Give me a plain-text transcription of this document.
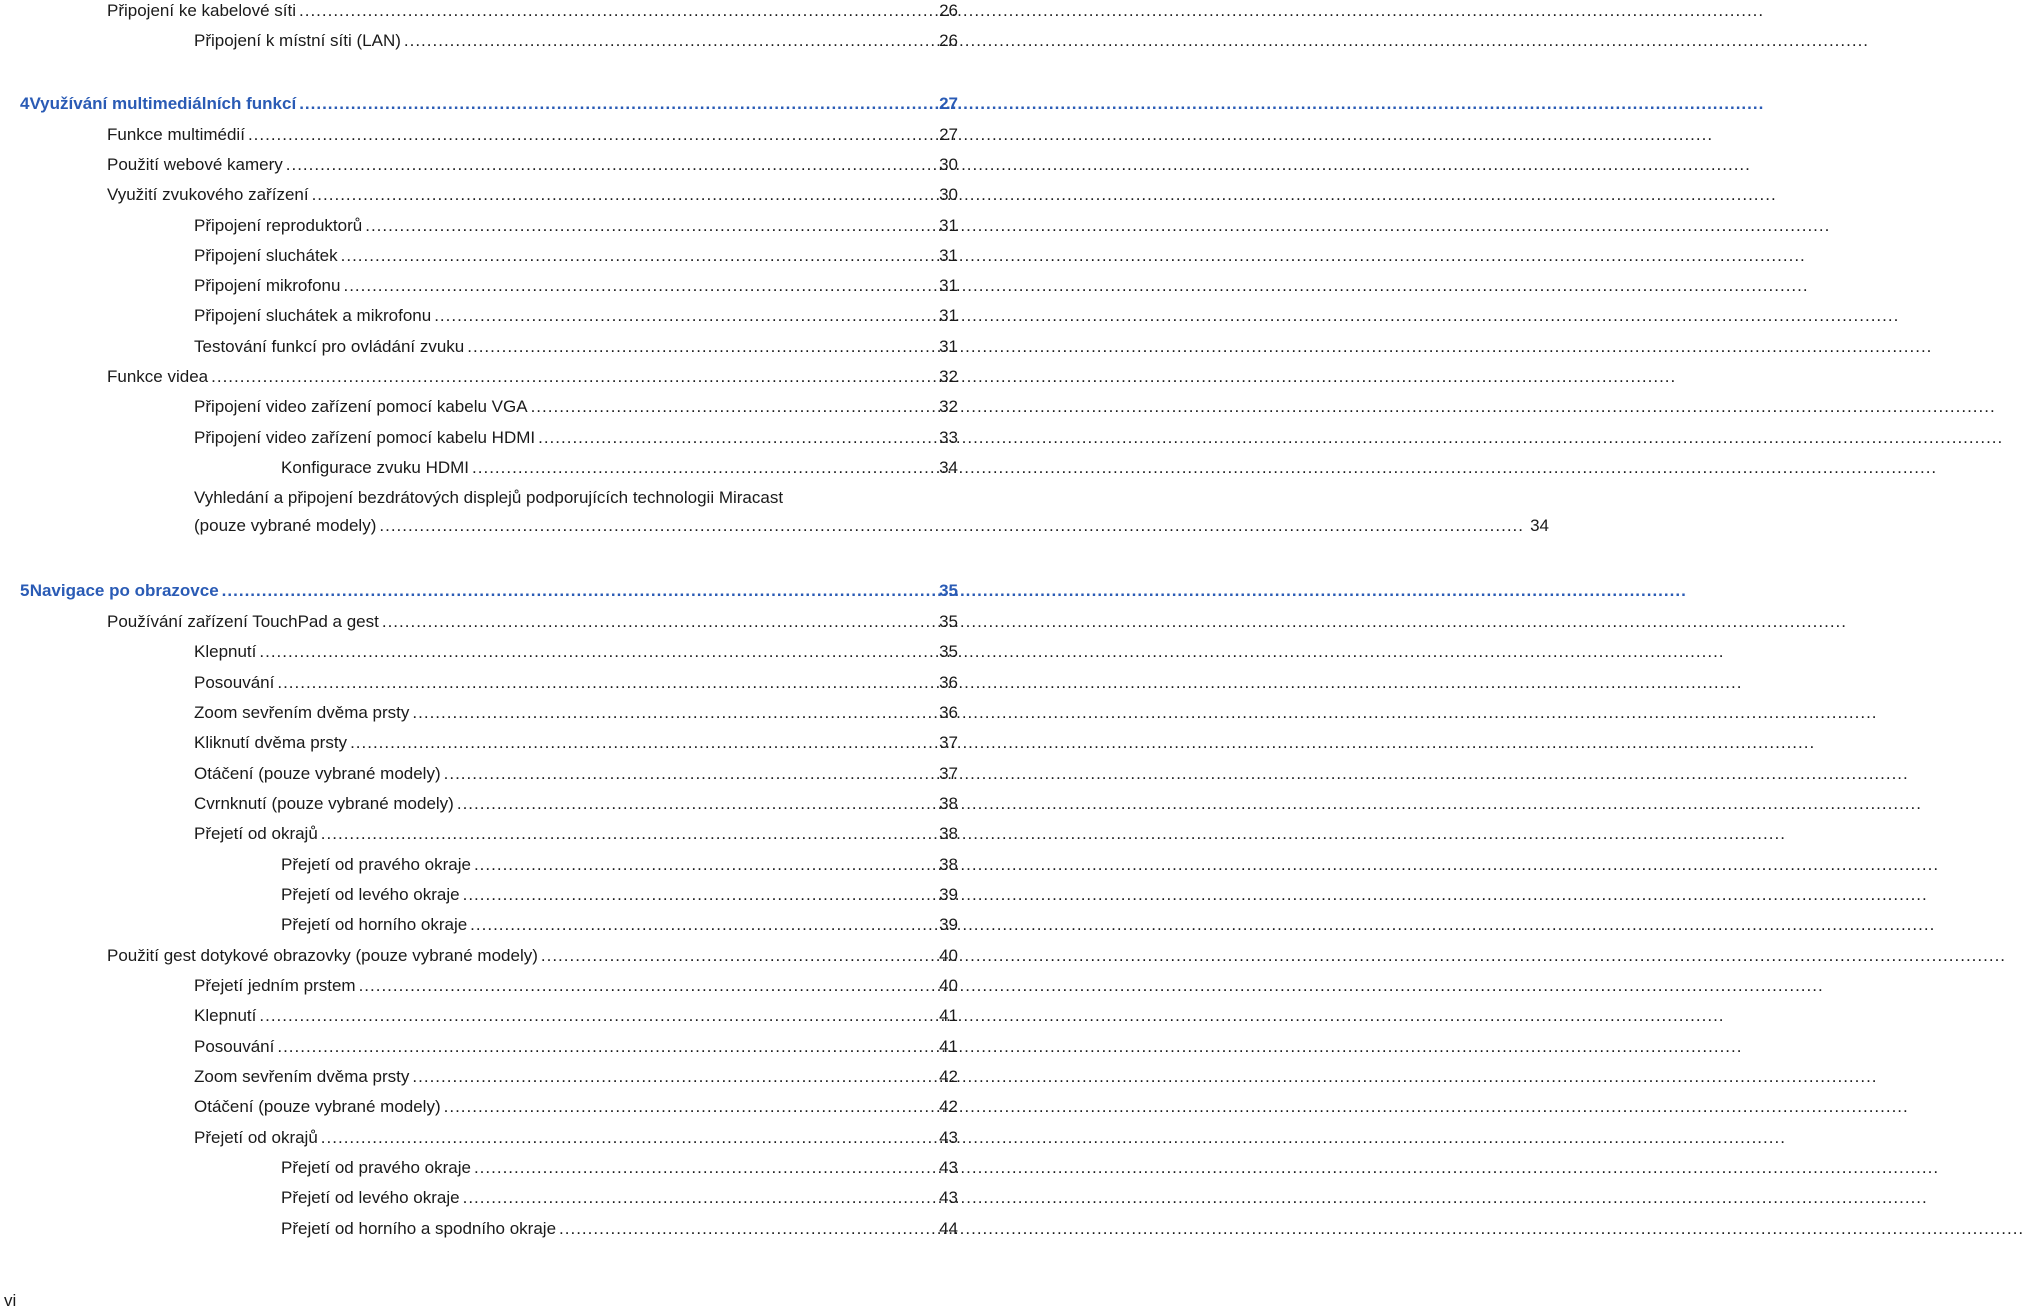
Připojení ke kabelové síti .....	26
Připojení k místní síti (LAN) .....	26
4 Využívání multimediálních funkcí .....	27
Funkce multimédií .....	27
Použití webové kamery .....	30
Využití zvukového zařízení .....	30
Připojení reproduktorů .....	31
Připojení sluchátek .....	31
Připojení mikrofonu .....	31
Připojení sluchátek a mikrofonu .....	31
Testování funkcí pro ovládání zvuku .....	31
Funkce videa .....	32
Připojení video zařízení pomocí kabelu VGA .....	32
Připojení video zařízení pomocí kabelu HDMI .....	33
Konfigurace zvuku HDMI .....	34
Vyhledání a připojení bezdrátových displejů podporujících technologii Miracast
(pouze vybrané modely) ........................................................................................................................................................................................................ 34
5 Navigace po obrazovce .....	35
Používání zařízení TouchPad a gest .....	35
Klepnutí .....	35
Posouvání .....	36
Zoom sevřením dvěma prsty .....	36
Kliknutí dvěma prsty .....	37
Otáčení (pouze vybrané modely) .....	37
Cvrnknutí (pouze vybrané modely) .....	38
Přejetí od okrajů .....	38
Přejetí od pravého okraje .....	38
Přejetí od levého okraje .....	39
Přejetí od horního okraje .....	39
Použití gest dotykové obrazovky (pouze vybrané modely) .....	40
Přejetí jedním prstem .....	40
Klepnutí .....	41
Posouvání .....	41
Zoom sevřením dvěma prsty .....	42
Otáčení (pouze vybrané modely) .....	42
Přejetí od okrajů .....	43
Přejetí od pravého okraje .....	43
Přejetí od levého okraje .....	43
Přejetí od horního a spodního okraje .....	44
vi
